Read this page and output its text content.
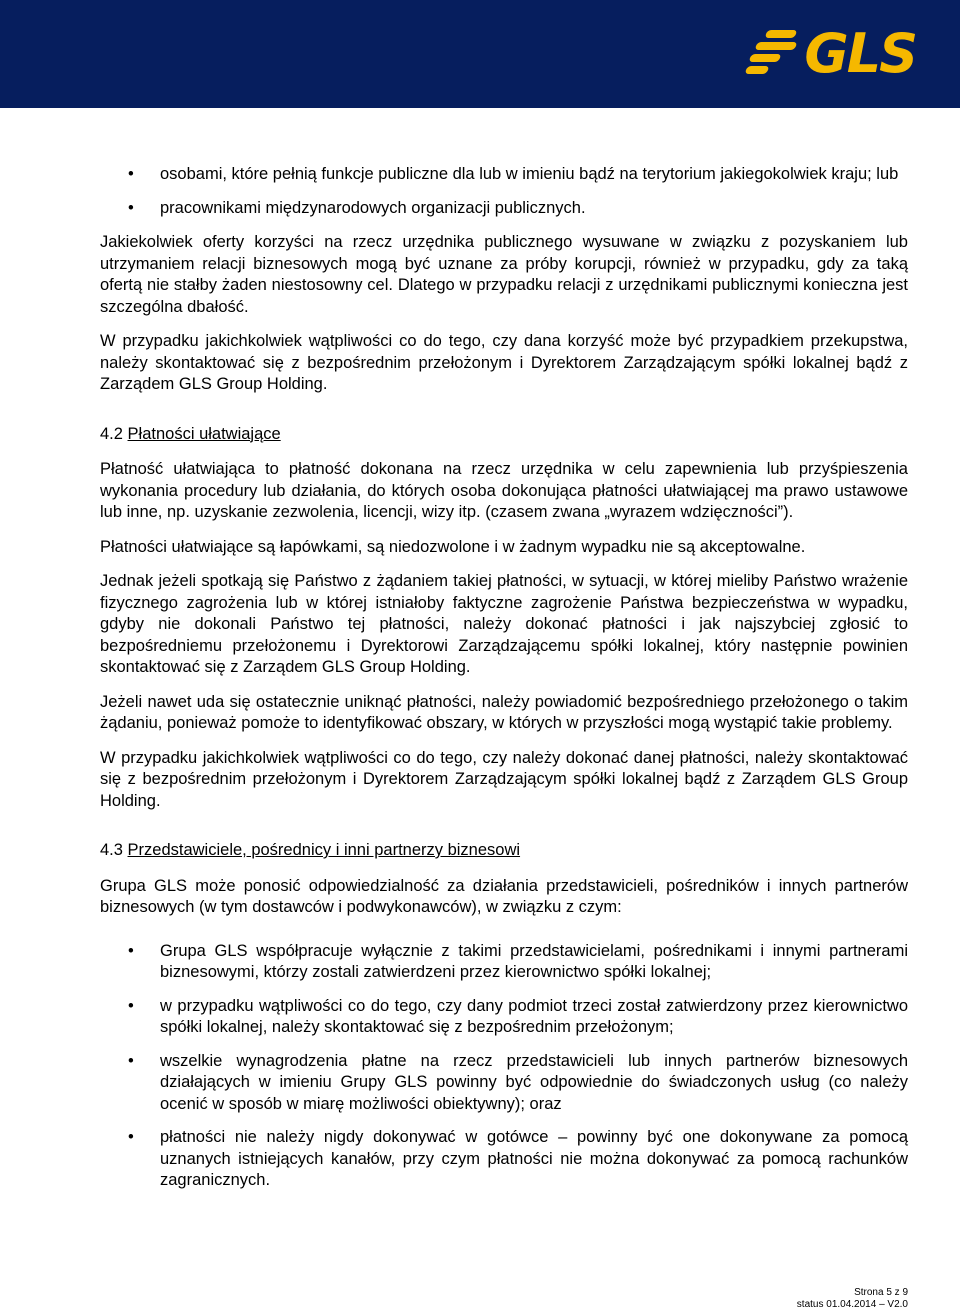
GLS
• osobami, które pełnią funkcje publiczne dla lub w imieniu bądź na terytorium jakiegokolwiek kraju; lub
• pracownikami międzynarodowych organizacji publicznych.

Jakiekolwiek oferty korzyści na rzecz urzędnika publicznego wysuwane w związku z pozyskaniem lub utrzymaniem relacji biznesowych mogą być uznane za próby korupcji, również w przypadku, gdy za taką ofertą nie stałby żaden niestosowny cel. Dlatego w przypadku relacji z urzędnikami publicznymi konieczna jest szczególna dbałość.

W przypadku jakichkolwiek wątpliwości co do tego, czy dana korzyść może być przypadkiem przekupstwa, należy skontaktować się z bezpośrednim przełożonym i Dyrektorem Zarządzającym spółki lokalnej bądź z Zarządem GLS Group Holding.

4.2 Płatności ułatwiające

Płatność ułatwiająca to płatność dokonana na rzecz urzędnika w celu zapewnienia lub przyśpieszenia wykonania procedury lub działania, do których osoba dokonująca płatności ułatwiającej ma prawo ustawowe lub inne, np. uzyskanie zezwolenia, licencji, wizy itp. (czasem zwana „wyrazem wdzięczności”).

Płatności ułatwiające są łapówkami, są niedozwolone i w żadnym wypadku nie są akceptowalne.

Jednak jeżeli spotkają się Państwo z żądaniem takiej płatności, w sytuacji, w której mieliby Państwo wrażenie fizycznego zagrożenia lub w której istniałoby faktyczne zagrożenie Państwa bezpieczeństwa w wypadku, gdyby nie dokonali Państwo tej płatności, należy dokonać płatności i jak najszybciej zgłosić to bezpośredniemu przełożonemu i Dyrektorowi Zarządzającemu spółki lokalnej, który następnie powinien skontaktować się z Zarządem GLS Group Holding.

Jeżeli nawet uda się ostatecznie uniknąć płatności, należy powiadomić bezpośredniego przełożonego o takim żądaniu, ponieważ pomoże to identyfikować obszary, w których w przyszłości mogą wystąpić takie problemy.

W przypadku jakichkolwiek wątpliwości co do tego, czy należy dokonać danej płatności, należy skontaktować się z bezpośrednim przełożonym i Dyrektorem Zarządzającym spółki lokalnej bądź z Zarządem GLS Group Holding.

4.3 Przedstawiciele, pośrednicy i inni partnerzy biznesowi

Grupa GLS może ponosić odpowiedzialność za działania przedstawicieli, pośredników i innych partnerów biznesowych (w tym dostawców i podwykonawców), w związku z czym:

• Grupa GLS współpracuje wyłącznie z takimi przedstawicielami, pośrednikami i innymi partnerami biznesowymi, którzy zostali zatwierdzeni przez kierownictwo spółki lokalnej;
• w przypadku wątpliwości co do tego, czy dany podmiot trzeci został zatwierdzony przez kierownictwo spółki lokalnej, należy skontaktować się z bezpośrednim przełożonym;
• wszelkie wynagrodzenia płatne na rzecz przedstawicieli lub innych partnerów biznesowych działających w imieniu Grupy GLS powinny być odpowiednie do świadczonych usług (co należy ocenić w sposób w miarę możliwości obiektywny); oraz
• płatności nie należy nigdy dokonywać w gotówce – powinny być one dokonywane za pomocą uznanych istniejących kanałów, przy czym płatności nie można dokonywać za pomocą rachunków zagranicznych.
Strona 5 z 9
status 01.04.2014 – V2.0
